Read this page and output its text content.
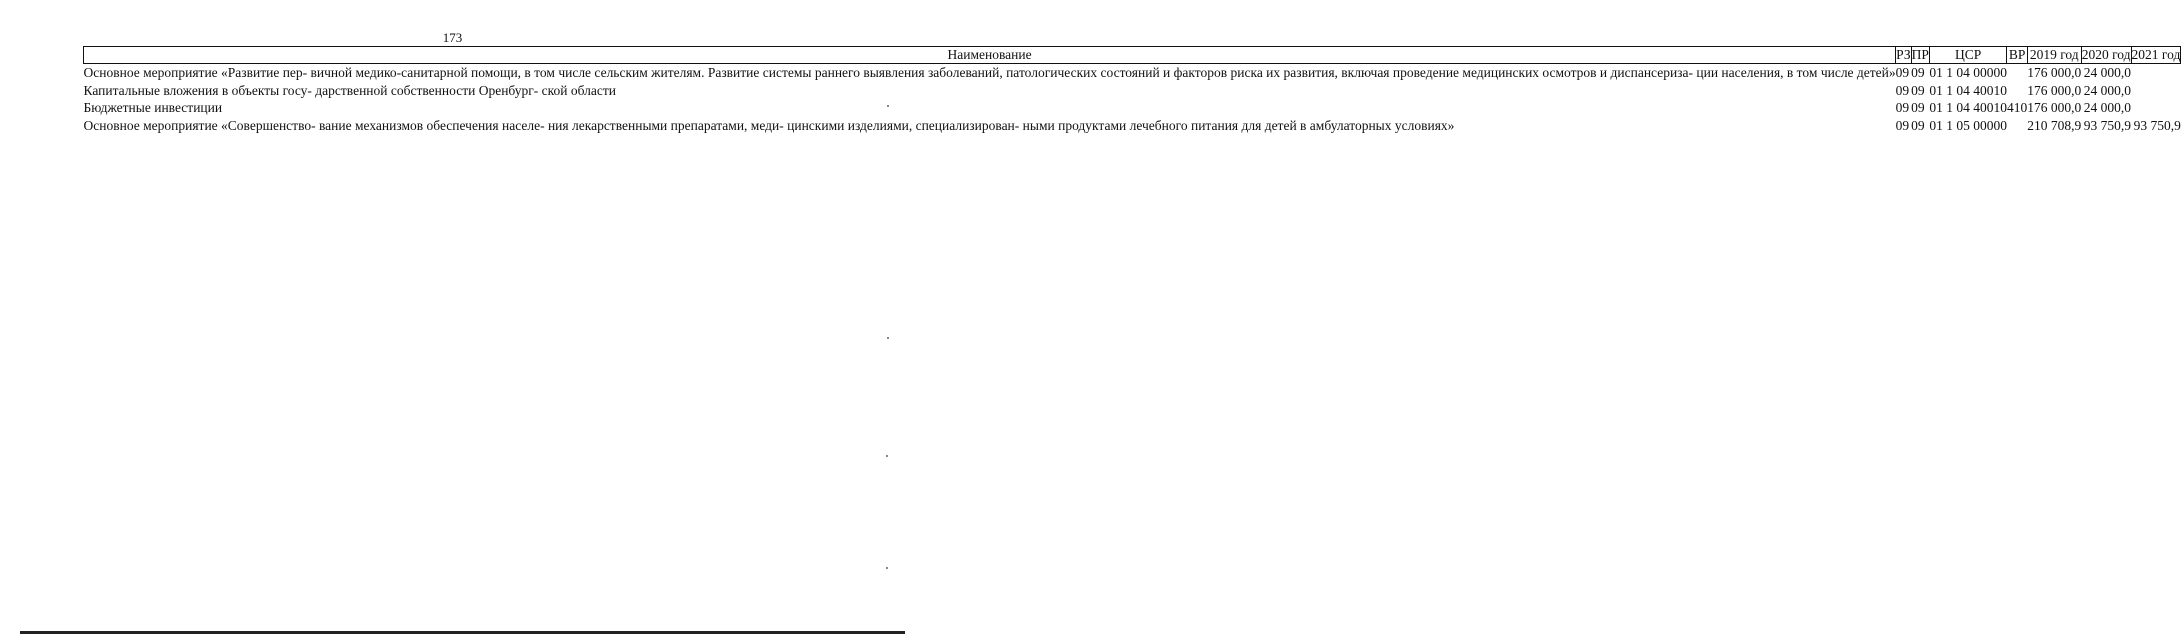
173
Наименование	РЗ	ПР	ЦСР	ВР	2019 год	2020 год	2021 год
Основное мероприятие «Развитие пер- вичной медико-санитарной помощи, в том числе сельским жителям. Развитие системы раннего выявления заболеваний, патологических состояний и факторов риска их развития, включая проведение медицинских осмотров и диспансериза- ции населения, в том числе детей»	09	09	01 1 04 00000		176 000,0	24 000,0	
Капитальные вложения в объекты госу- дарственной собственности Оренбург- ской области	09	09	01 1 04 40010		176 000,0	24 000,0	
Бюджетные инвестиции	09	09	01 1 04 40010	410	176 000,0	24 000,0	
Основное мероприятие «Совершенство- вание механизмов обеспечения населе- ния лекарственными препаратами, меди- цинскими изделиями, специализирован- ными продуктами лечебного питания для детей в амбулаторных условиях»	09	09	01 1 05 00000		210 708,9	93 750,9	93 750,9
